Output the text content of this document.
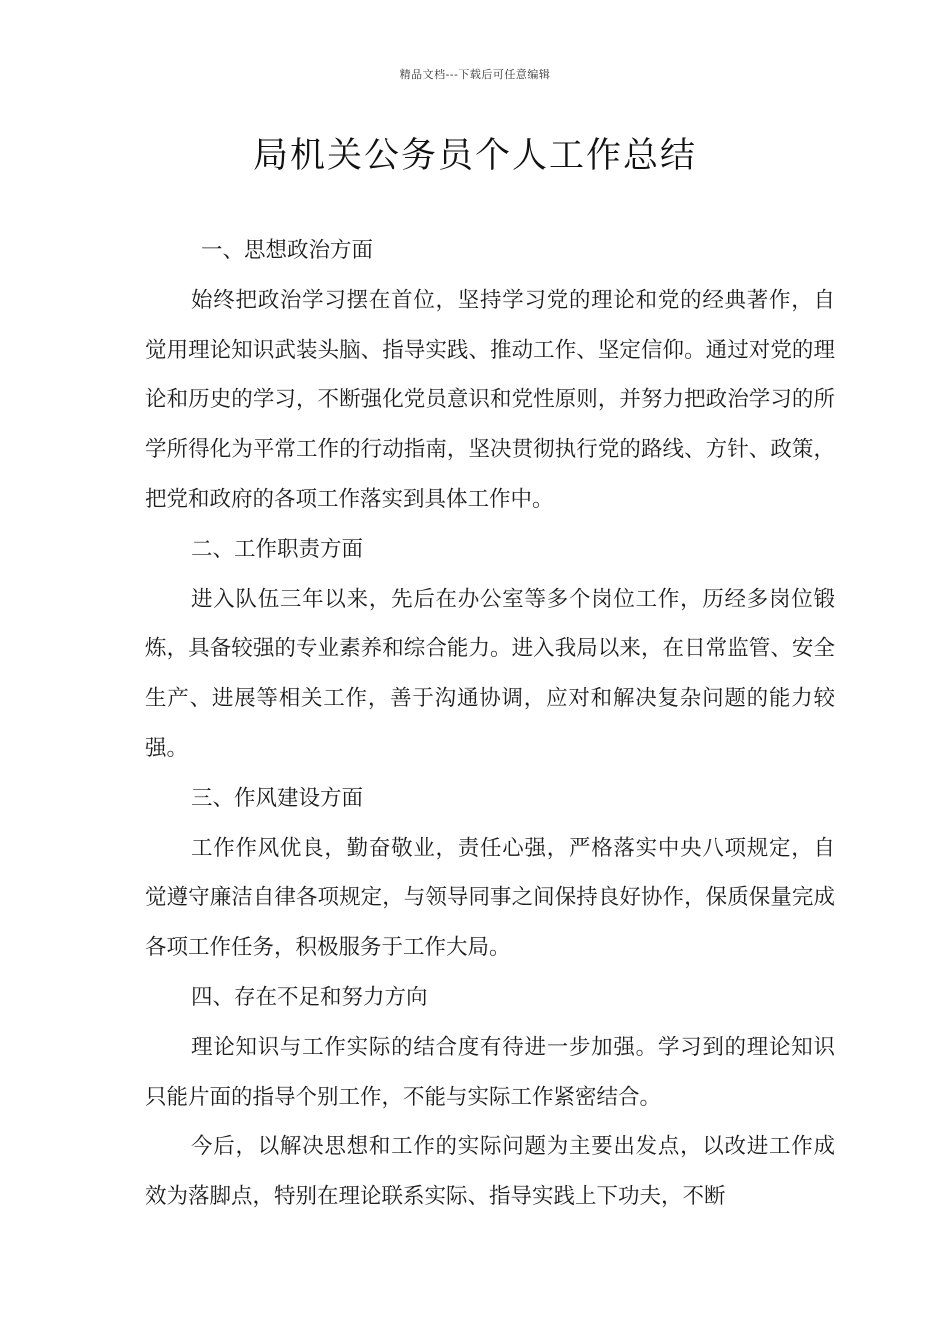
精品文档---下载后可任意编辑
局机关公务员个人工作总结
一、思想政治方面
始终把政治学习摆在首位，坚持学习党的理论和党的经典著作，自觉用理论知识武装头脑、指导实践、推动工作、坚定信仰。通过对党的理论和历史的学习，不断强化党员意识和党性原则，并努力把政治学习的所学所得化为平常工作的行动指南，坚决贯彻执行党的路线、方针、政策，把党和政府的各项工作落实到具体工作中。
二、工作职责方面
进入队伍三年以来，先后在办公室等多个岗位工作，历经多岗位锻炼，具备较强的专业素养和综合能力。进入我局以来，在日常监管、安全生产、进展等相关工作，善于沟通协调，应对和解决复杂问题的能力较强。
三、作风建设方面
工作作风优良，勤奋敬业，责任心强，严格落实中央八项规定，自觉遵守廉洁自律各项规定，与领导同事之间保持良好协作，保质保量完成各项工作任务，积极服务于工作大局。
四、存在不足和努力方向
理论知识与工作实际的结合度有待进一步加强。学习到的理论知识只能片面的指导个别工作，不能与实际工作紧密结合。
今后，以解决思想和工作的实际问题为主要出发点，以改进工作成效为落脚点，特别在理论联系实际、指导实践上下功夫，不断
